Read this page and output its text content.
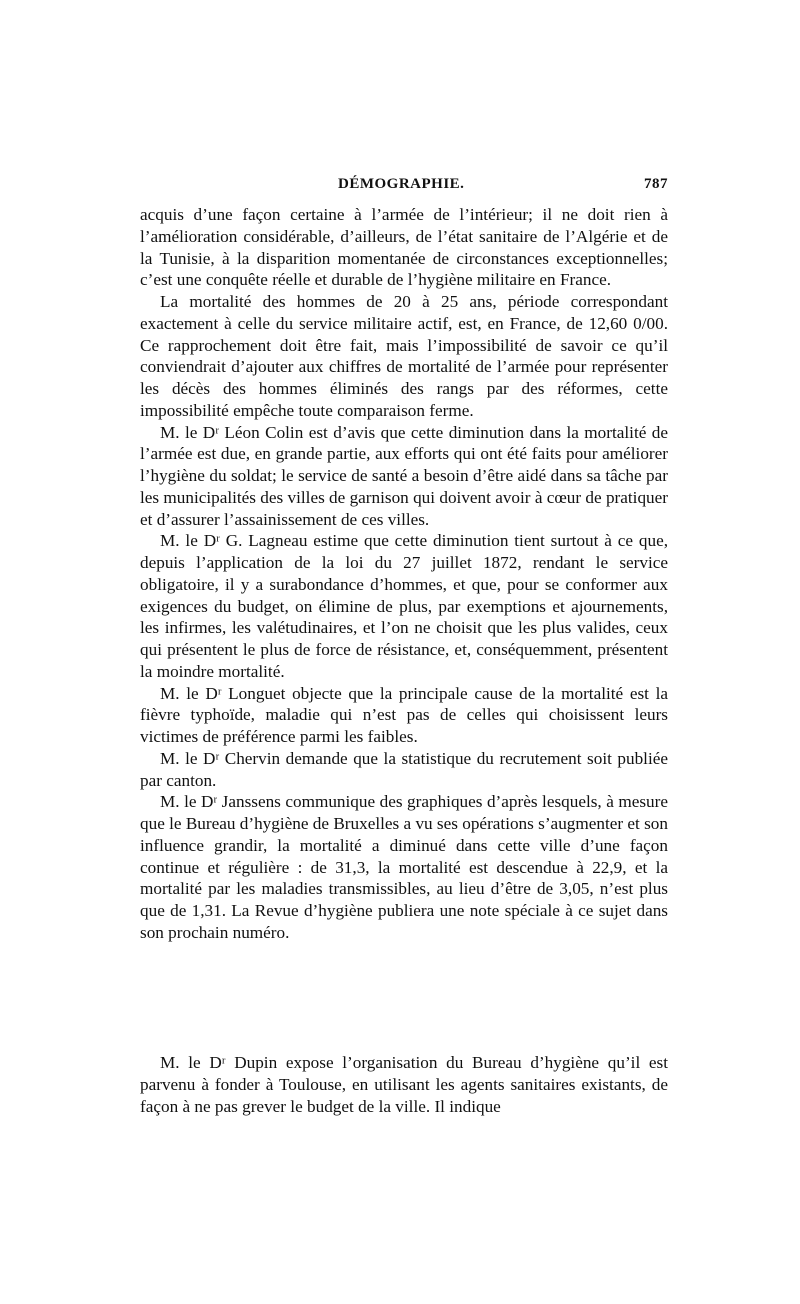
DÉMOGRAPHIE.	787

acquis d’une façon certaine à l’armée de l’intérieur; il ne doit rien à l’amélioration considérable, d’ailleurs, de l’état sanitaire de l’Algérie et de la Tunisie, à la disparition momentanée de circonstances exceptionnelles; c’est une conquête réelle et durable de l’hygiène militaire en France.

La mortalité des hommes de 20 à 25 ans, période correspondant exactement à celle du service militaire actif, est, en France, de 12,60 0/00. Ce rapprochement doit être fait, mais l’impossibilité de savoir ce qu’il conviendrait d’ajouter aux chiffres de mortalité de l’armée pour représenter les décès des hommes éliminés des rangs par des réformes, cette impossibilité empêche toute comparaison ferme.

M. le Dʳ Léon Colin est d’avis que cette diminution dans la mortalité de l’armée est due, en grande partie, aux efforts qui ont été faits pour améliorer l’hygiène du soldat; le service de santé a besoin d’être aidé dans sa tâche par les municipalités des villes de garnison qui doivent avoir à cœur de pratiquer et d’assurer l’assainissement de ces villes.

M. le Dʳ G. Lagneau estime que cette diminution tient surtout à ce que, depuis l’application de la loi du 27 juillet 1872, rendant le service obligatoire, il y a surabondance d’hommes, et que, pour se conformer aux exigences du budget, on élimine de plus, par exemptions et ajournements, les infirmes, les valétudinaires, et l’on ne choisit que les plus valides, ceux qui présentent le plus de force de résistance, et, conséquemment, présentent la moindre mortalité.

M. le Dʳ Longuet objecte que la principale cause de la mortalité est la fièvre typhoïde, maladie qui n’est pas de celles qui choisissent leurs victimes de préférence parmi les faibles.

M. le Dʳ Chervin demande que la statistique du recrutement soit publiée par canton.

M. le Dʳ Janssens communique des graphiques d’après lesquels, à mesure que le Bureau d’hygiène de Bruxelles a vu ses opérations s’augmenter et son influence grandir, la mortalité a diminué dans cette ville d’une façon continue et régulière : de 31,3, la mortalité est descendue à 22,9, et la mortalité par les maladies transmissibles, au lieu d’être de 3,05, n’est plus que de 1,31. La Revue d’hygiène publiera une note spéciale à ce sujet dans son prochain numéro.

M. le Dʳ Dupin expose l’organisation du Bureau d’hygiène qu’il est parvenu à fonder à Toulouse, en utilisant les agents sanitaires existants, de façon à ne pas grever le budget de la ville. Il indique
